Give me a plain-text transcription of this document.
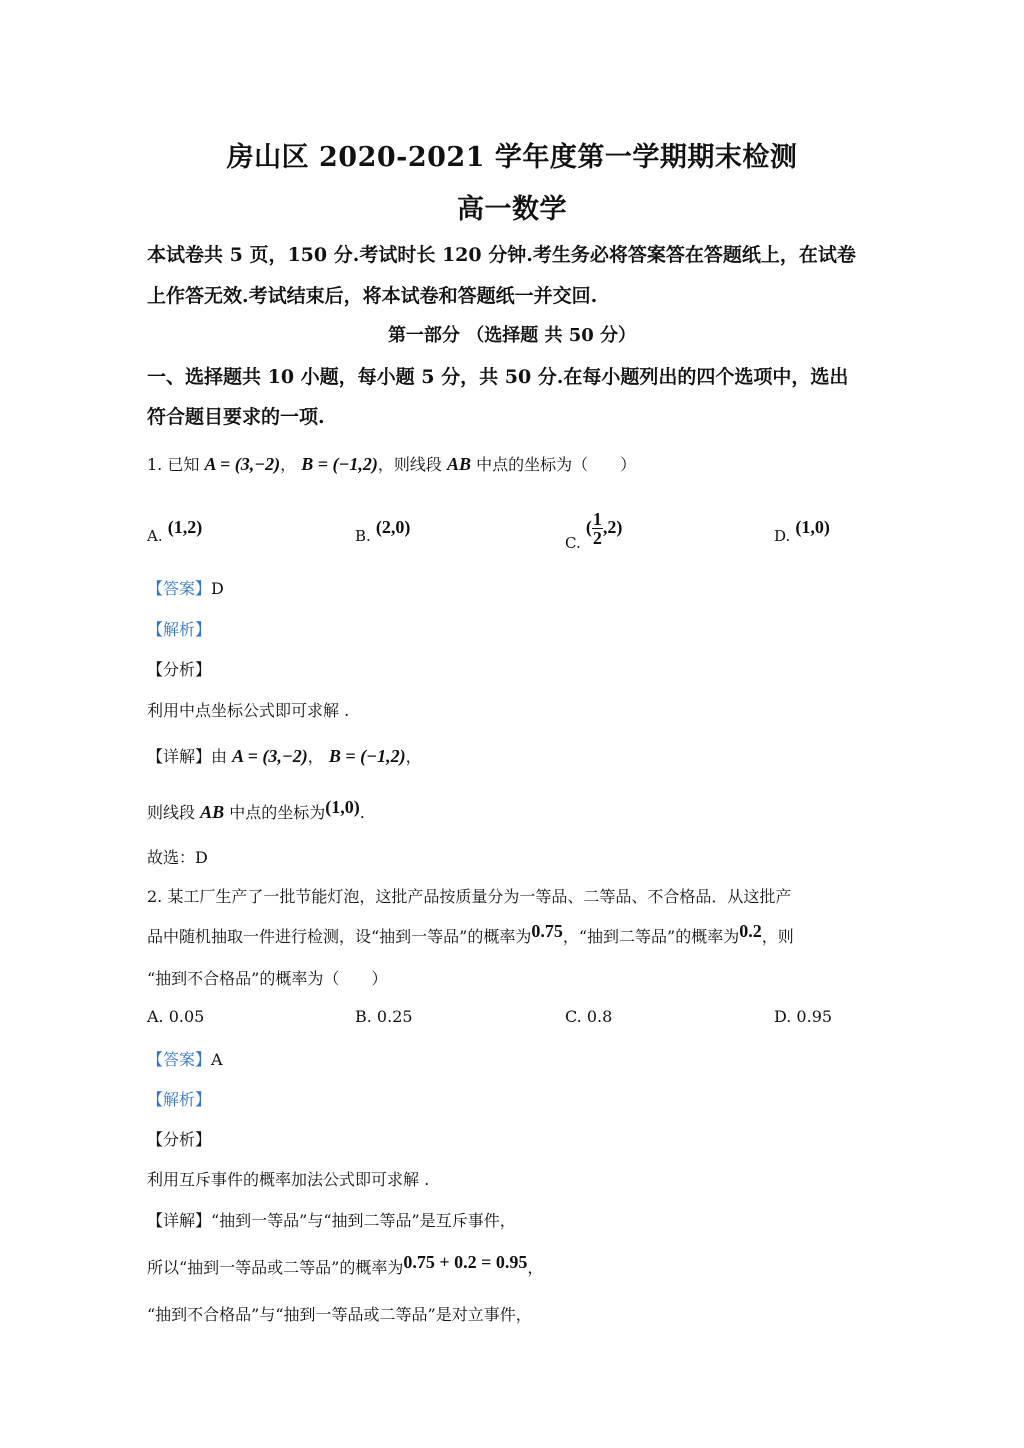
房山区 2020-2021 学年度第一学期期末检测
高一数学
本试卷共 5 页，150 分.考试时长 120 分钟.考生务必将答案答在答题纸上，在试卷
上作答无效.考试结束后，将本试卷和答题纸一并交回.
第一部分 （选择题 共 50 分）
一、选择题共 10 小题，每小题 5 分，共 50 分.在每小题列出的四个选项中，选出
符合题目要求的一项.
1. 已知 A = (3,−2)， B = (−1,2)，则线段 AB 中点的坐标为（　　）
A. (1,2)	B. (2,0)
C. ( $\frac{1}{2} ,2$)	D. (1,0)
【答案】D
【解析】
【分析】
利用中点坐标公式即可求解 .
【详解】由 A = (3,−2)， B = (−1,2)，
则线段 AB 中点的坐标为(1,0).
故选：D
2. 某工厂生产了一批节能灯泡，这批产品按质量分为一等品、二等品、不合格品．从这批产
品中随机抽取一件进行检测，设“抽到一等品”的概率为0.75，“抽到二等品”的概率为0.2，则
“抽到不合格品”的概率为（　　）
A. 0.05	B. 0.25	C. 0.8	D. 0.95
【答案】A
【解析】
【分析】
利用互斥事件的概率加法公式即可求解 .
【详解】“抽到一等品”与“抽到二等品”是互斥事件，
所以“抽到一等品或二等品”的概率为0.75 + 0.2 = 0.95，
“抽到不合格品”与“抽到一等品或二等品”是对立事件，
